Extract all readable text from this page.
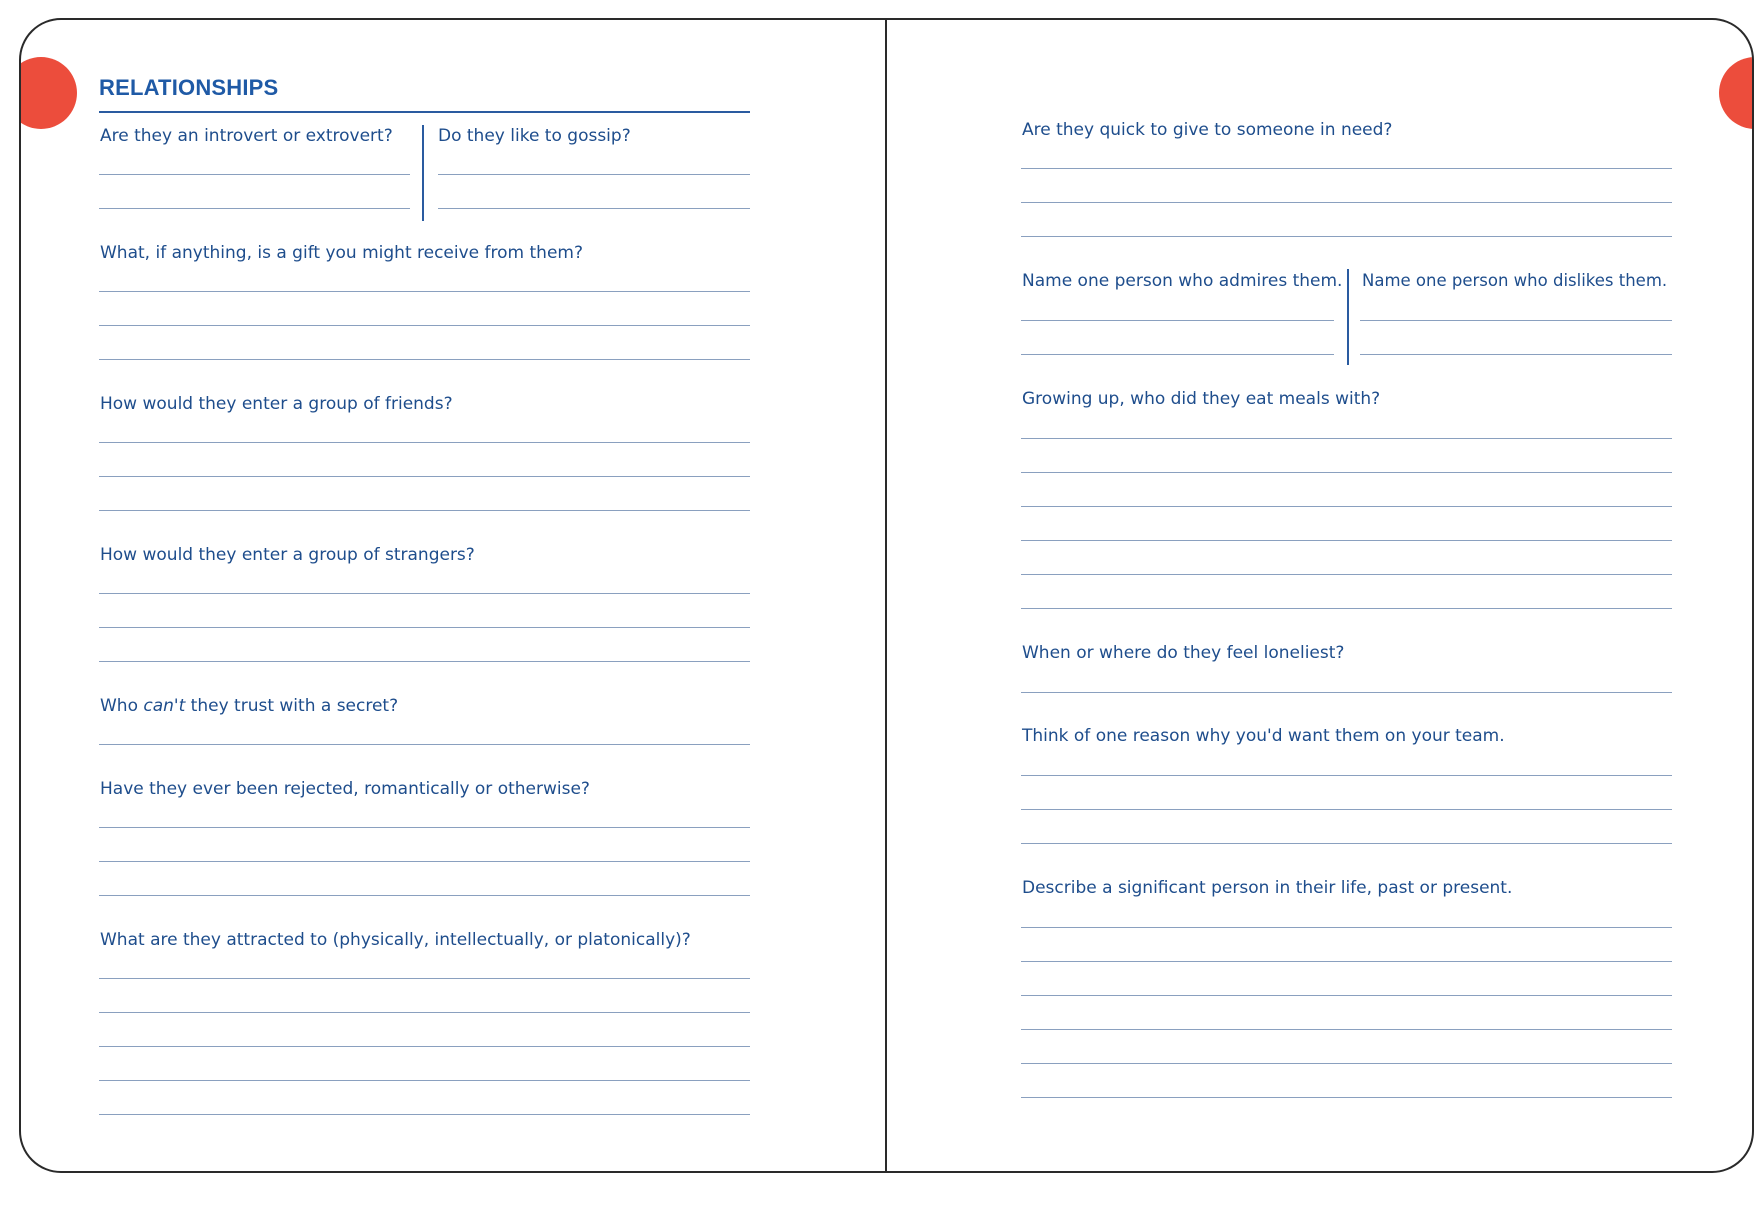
RELATIONSHIPS
Are they an introvert or extrovert?	Do they like to gossip?
What, if anything, is a gift you might receive from them?
How would they enter a group of friends?
How would they enter a group of strangers?
Who can't they trust with a secret?
Have they ever been rejected, romantically or otherwise?
What are they attracted to (physically, intellectually, or platonically)?
Are they quick to give to someone in need?
Name one person who admires them. Name one person who dislikes them.
Growing up, who did they eat meals with?
When or where do they feel loneliest?
Think of one reason why you'd want them on your team.
Describe a significant person in their life, past or present.
